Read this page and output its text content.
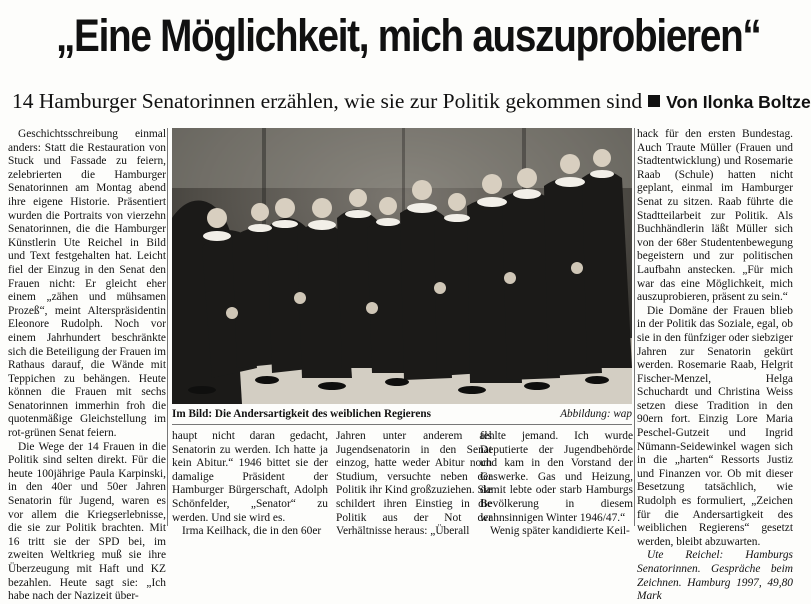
„Eine Möglichkeit, mich auszuprobieren“
14 Hamburger Senatorinnen erzählen, wie sie zur Politik gekommen sind Von Ilonka Boltze

Geschichtsschreibung einmal anders: Statt die Restauration von Stuck und Fassade zu feiern, zelebrierten die Hamburger Senatorinnen am Montag abend ihre eigene Historie. Präsentiert wurden die Portraits von vierzehn Senatorinnen, die die Hamburger Künstlerin Ute Reichel in Bild und Text festgehalten hat. Leicht fiel der Einzug in den Senat den Frauen nicht: Er gleicht eher einem „zähen und mühsamen Prozeß“, meint Alterspräsidentin Eleonore Rudolph. Noch vor einem Jahrhundert beschränkte sich die Beteiligung der Frauen im Rathaus darauf, die Wände mit Teppichen zu behängen. Heute können die Frauen mit sechs Senatorinnen immerhin froh die quotenmäßige Gleichstellung im rot-grünen Senat feiern.

Die Wege der 14 Frauen in die Politik sind selten direkt. Für die heute 100jährige Paula Karpinski, in den 40er und 50er Jahren Senatorin für Jugend, waren es vor allem die Kriegserlebnisse, die sie zur Politik brachten. Mit 16 tritt sie der SPD bei, im zweiten Weltkrieg muß sie ihre Überzeugung mit Haft und KZ bezahlen. Heute sagt sie: „Ich habe nach der Nazizeit über-

Im Bild: Die Andersartigkeit des weiblichen Regierens	Abbildung: wap

haupt nicht daran gedacht, Senatorin zu werden. Ich hatte ja kein Abitur.“ 1946 bittet sie der damalige Präsident der Hamburger Bürgerschaft, Adolph Schönfelder, „Senator“ zu werden. Und sie wird es.

Irma Keilhack, die in den 60er

Jahren unter anderem als Jugendsenatorin in den Senat einzog, hatte weder Abitur noch Studium, versuchte neben der Politik ihr Kind großzuziehen. Sie schildert ihren Einstieg in die Politik aus der Not der Verhältnisse heraus: „Überall

fehlte jemand. Ich wurde Deputierte der Jugendbehörde und kam in den Vorstand der Gaswerke. Gas und Heizung, damit lebte oder starb Hamburgs Bevölkerung in diesem wahnsinnigen Winter 1946/47.“

Wenig später kandidierte Keil-

hack für den ersten Bundestag. Auch Traute Müller (Frauen und Stadtentwicklung) und Rosemarie Raab (Schule) hatten nicht geplant, einmal im Hamburger Senat zu sitzen. Raab führte die Stadtteilarbeit zur Politik. Als Buchhändlerin läßt Müller sich von der 68er Studentenbewegung begeistern und zur politischen Laufbahn anstecken. „Für mich war das eine Möglichkeit, mich auszuprobieren, präsent zu sein.“

Die Domäne der Frauen blieb in der Politik das Soziale, egal, ob sie in den fünfziger oder siebziger Jahren zur Senatorin gekürt werden. Rosemarie Raab, Helgrit Fischer-Menzel, Helga Schuchardt und Christina Weiss setzen diese Tradition in den 90ern fort. Einzig Lore Maria Peschel-Gutzeit und Ingrid Nümann-Seidewinkel wagen sich in die „harten“ Ressorts Justiz und Finanzen vor. Ob mit dieser Besetzung tatsächlich, wie Rudolph es formuliert, „Zeichen für die Andersartigkeit des weiblichen Regierens“ gesetzt werden, bleibt abzuwarten.

Ute Reichel: Hamburgs Senatorinnen. Gespräche beim Zeichnen. Hamburg 1997, 49,80 Mark
